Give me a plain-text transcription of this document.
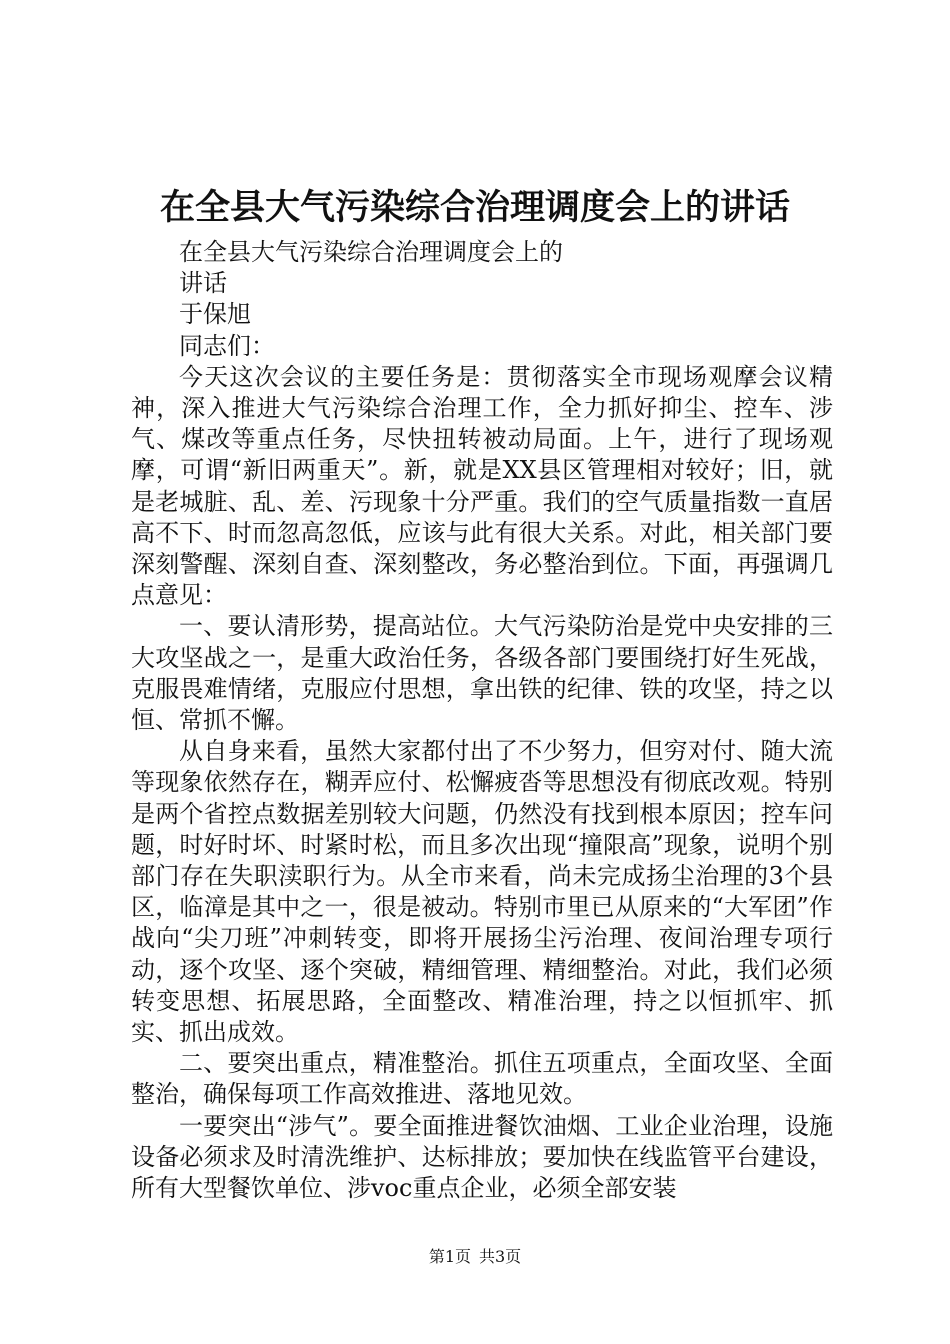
在全县大气污染综合治理调度会上的讲话

在全县大气污染综合治理调度会上的

讲话

于保旭

同志们：

今天这次会议的主要任务是：贯彻落实全市现场观摩会议精神，深入推进大气污染综合治理工作，全力抓好抑尘、控车、涉气、煤改等重点任务，尽快扭转被动局面。上午，进行了现场观摩，可谓“新旧两重天”。新，就是XX县区管理相对较好；旧，就是老城脏、乱、差、污现象十分严重。我们的空气质量指数一直居高不下、时而忽高忽低，应该与此有很大关系。对此，相关部门要深刻警醒、深刻自查、深刻整改，务必整治到位。下面，再强调几点意见：

一、要认清形势，提高站位。大气污染防治是党中央安排的三大攻坚战之一，是重大政治任务，各级各部门要围绕打好生死战，克服畏难情绪，克服应付思想，拿出铁的纪律、铁的攻坚，持之以恒、常抓不懈。

从自身来看，虽然大家都付出了不少努力，但穷对付、随大流等现象依然存在，糊弄应付、松懈疲沓等思想没有彻底改观。特别是两个省控点数据差别较大问题，仍然没有找到根本原因；控车问题，时好时坏、时紧时松，而且多次出现“撞限高”现象，说明个别部门存在失职渎职行为。从全市来看，尚未完成扬尘治理的3个县区，临漳是其中之一，很是被动。特别市里已从原来的“大军团”作战向“尖刀班”冲刺转变，即将开展扬尘污治理、夜间治理专项行动，逐个攻坚、逐个突破，精细管理、精细整治。对此，我们必须转变思想、拓展思路，全面整改、精准治理，持之以恒抓牢、抓实、抓出成效。

二、要突出重点，精准整治。抓住五项重点，全面攻坚、全面整治，确保每项工作高效推进、落地见效。

一要突出“涉气”。要全面推进餐饮油烟、工业企业治理，设施设备必须求及时清洗维护、达标排放；要加快在线监管平台建设，所有大型餐饮单位、涉voc重点企业，必须全部安装

第1页 共3页
